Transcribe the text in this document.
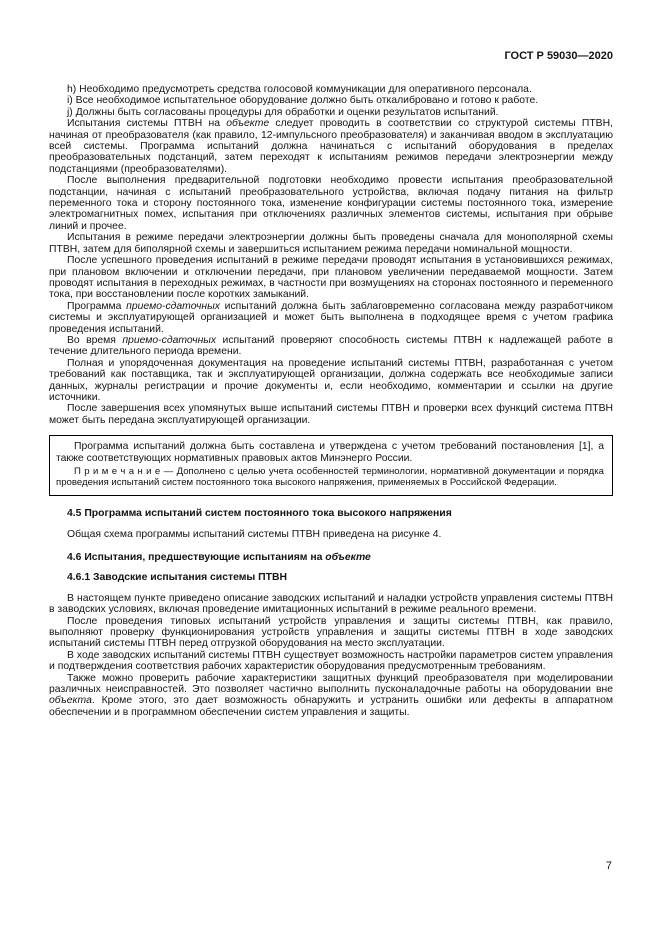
ГОСТ Р 59030—2020

h) Необходимо предусмотреть средства голосовой коммуникации для оперативного персонала.

i) Все необходимое испытательное оборудование должно быть откалибровано и готово к работе.

j) Должны быть согласованы процедуры для обработки и оценки результатов испытаний.

Испытания системы ПТВН на объекте следует проводить в соответствии со структурой системы ПТВН, начиная от преобразователя (как правило, 12-импульсного преобразователя) и заканчивая вводом в эксплуатацию всей системы. Программа испытаний должна начинаться с испытаний оборудования в пределах преобразовательных подстанций, затем переходят к испытаниям режимов передачи электроэнергии между подстанциями (преобразователями).

После выполнения предварительной подготовки необходимо провести испытания преобразовательной подстанции, начиная с испытаний преобразовательного устройства, включая подачу питания на фильтр переменного тока и сторону постоянного тока, изменение конфигурации системы постоянного тока, измерение электромагнитных помех, испытания при отключениях различных элементов системы, испытания при обрыве линий и прочее.

Испытания в режиме передачи электроэнергии должны быть проведены сначала для монополярной схемы ПТВН, затем для биполярной схемы и завершиться испытанием режима передачи номинальной мощности.

После успешного проведения испытаний в режиме передачи проводят испытания в установившихся режимах, при плановом включении и отключении передачи, при плановом увеличении передаваемой мощности. Затем проводят испытания в переходных режимах, в частности при возмущениях на сторонах постоянного и переменного тока, при восстановлении после коротких замыканий.

Программа приемо-сдаточных испытаний должна быть заблаговременно согласована между разработчиком системы и эксплуатирующей организацией и может быть выполнена в подходящее время с учетом графика проведения испытаний.

Во время приемо-сдаточных испытаний проверяют способность системы ПТВН к надлежащей работе в течение длительного периода времени.

Полная и упорядоченная документация на проведение испытаний системы ПТВН, разработанная с учетом требований как поставщика, так и эксплуатирующей организации, должна содержать все необходимые записи данных, журналы регистрации и прочие документы и, если необходимо, комментарии и ссылки на другие источники.

После завершения всех упомянутых выше испытаний системы ПТВН и проверки всех функций система ПТВН может быть передана эксплуатирующей организации.

Программа испытаний должна быть составлена и утверждена с учетом требований постановления [1], а также соответствующих нормативных правовых актов Минэнерго России.

П р и м е ч а н и е — Дополнено с целью учета особенностей терминологии, нормативной документации и порядка проведения испытаний систем постоянного тока высокого напряжения, применяемых в Российской Федерации.

4.5 Программа испытаний систем постоянного тока высокого напряжения

Общая схема программы испытаний системы ПТВН приведена на рисунке 4.

4.6 Испытания, предшествующие испытаниям на объекте
4.6.1 Заводские испытания системы ПТВН

В настоящем пункте приведено описание заводских испытаний и наладки устройств управления системы ПТВН в заводских условиях, включая проведение имитационных испытаний в режиме реального времени.

После проведения типовых испытаний устройств управления и защиты системы ПТВН, как правило, выполняют проверку функционирования устройств управления и защиты системы ПТВН в ходе заводских испытаний системы ПТВН перед отгрузкой оборудования на место эксплуатации.

В ходе заводских испытаний системы ПТВН существует возможность настройки параметров систем управления и подтверждения соответствия рабочих характеристик оборудования предусмотренным требованиям.

Также можно проверить рабочие характеристики защитных функций преобразователя при моделировании различных неисправностей. Это позволяет частично выполнить пусконаладочные работы на оборудовании вне объекта. Кроме этого, это дает возможность обнаружить и устранить ошибки или дефекты в аппаратном обеспечении и в программном обеспечении систем управления и защиты.

7
